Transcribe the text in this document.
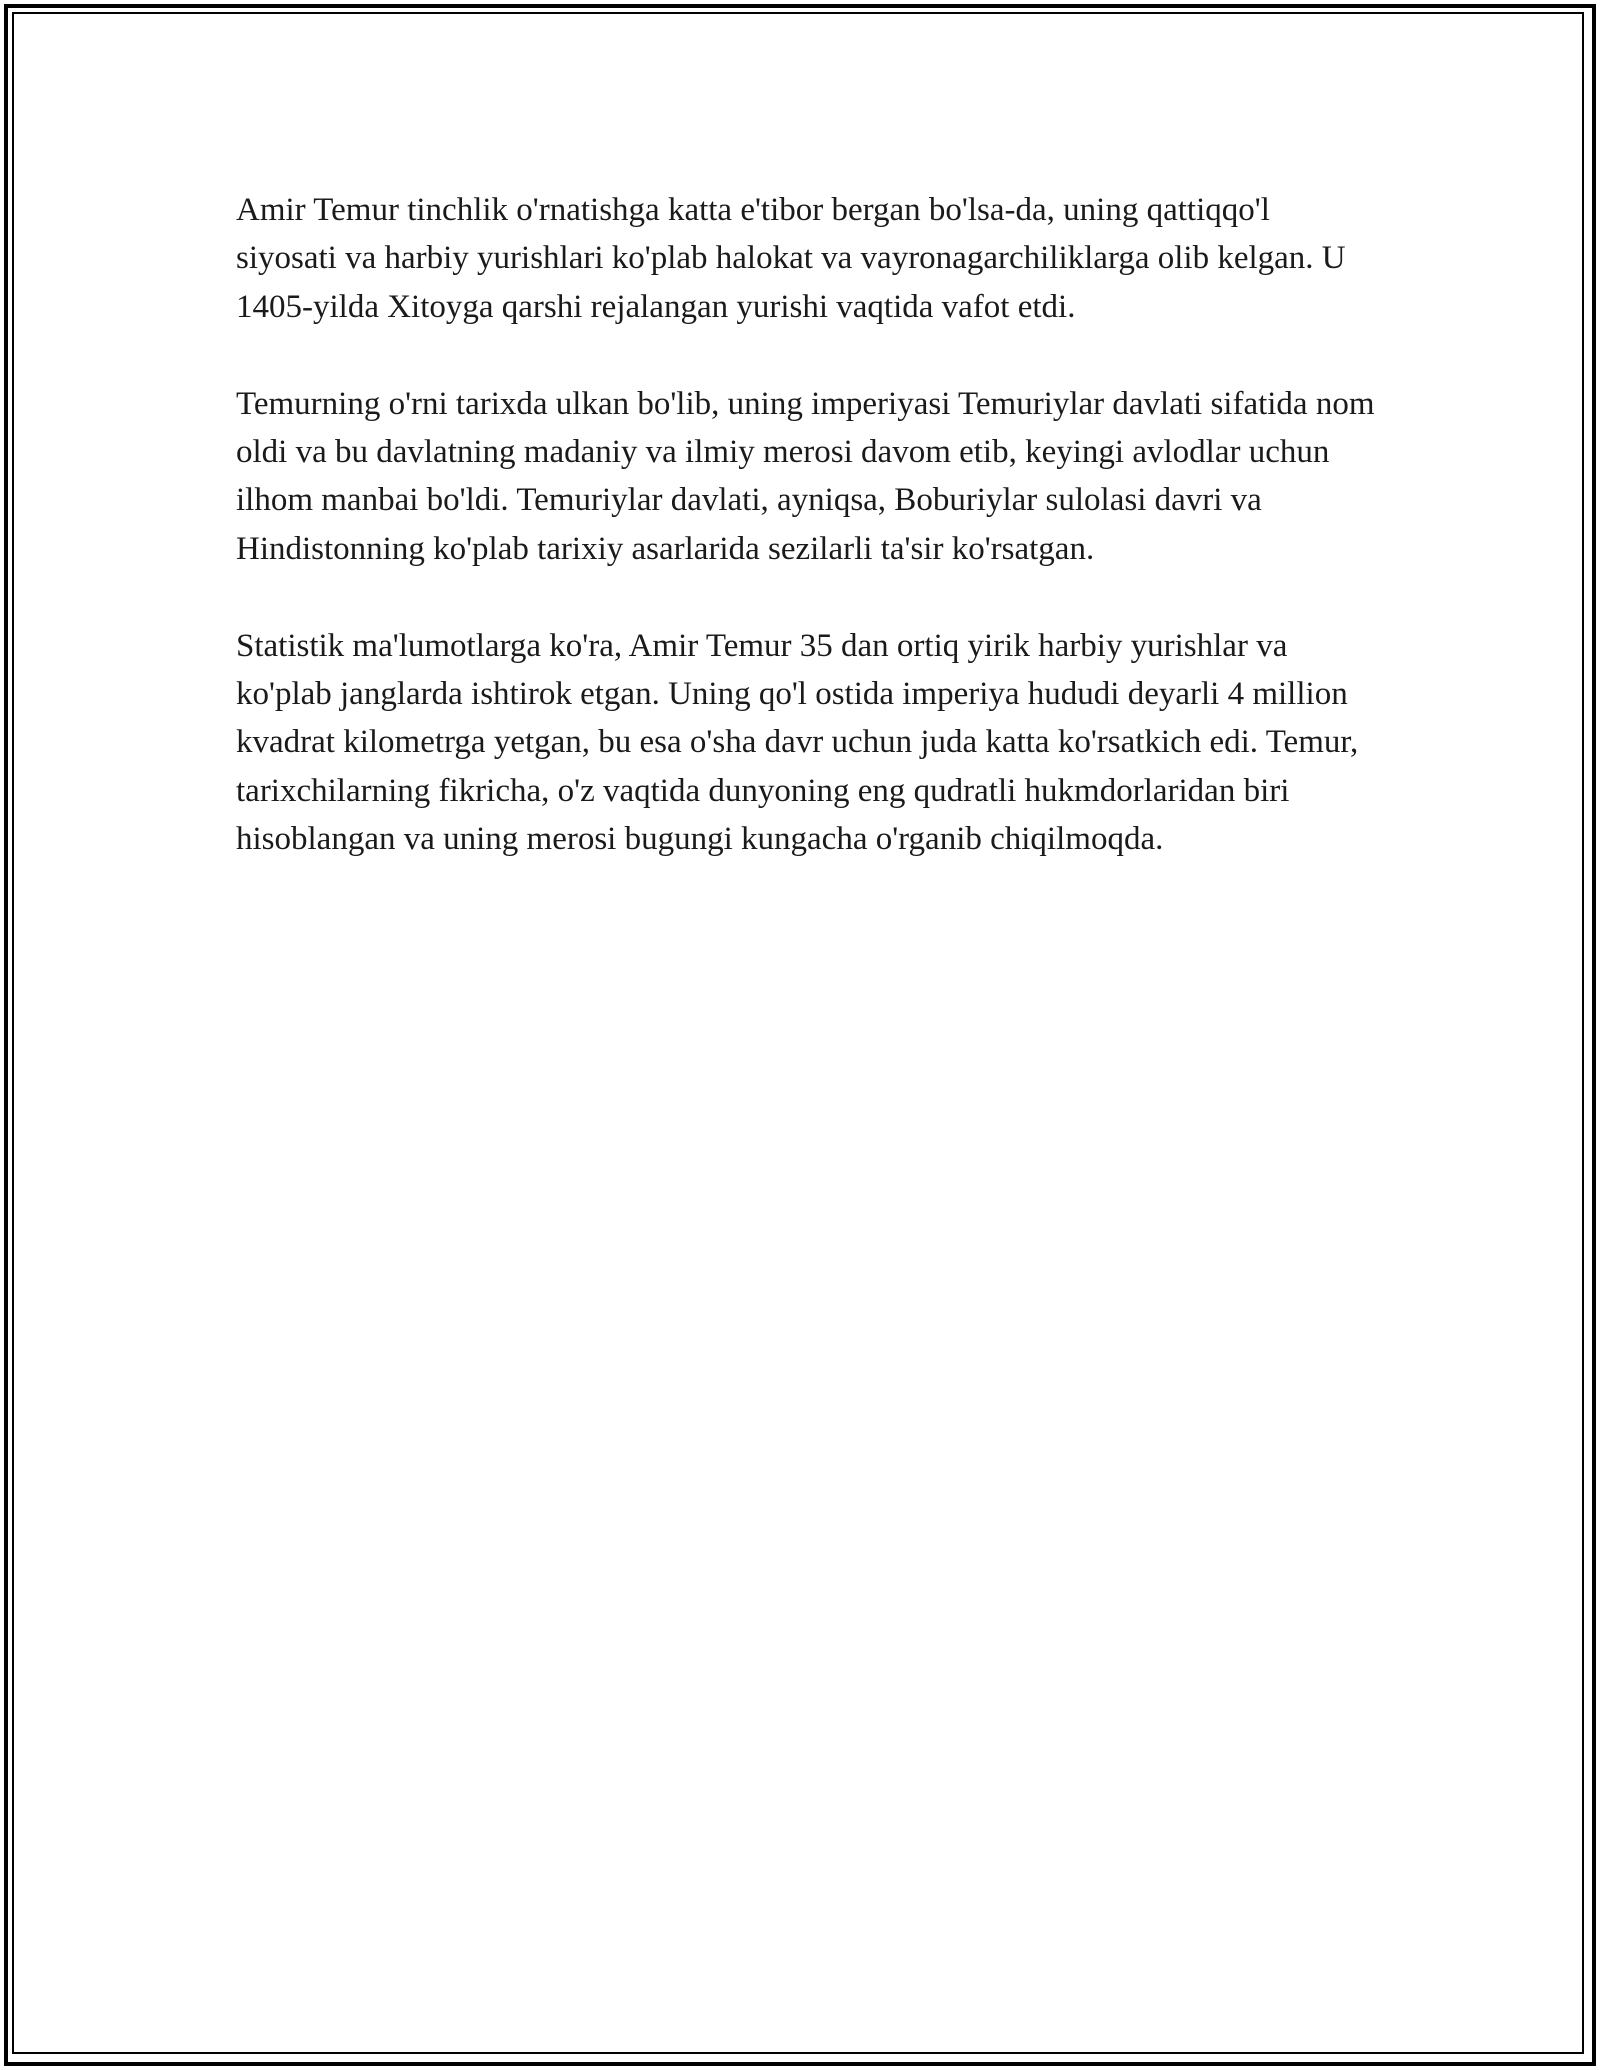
Amir Temur tinchlik o'rnatishga katta e'tibor bergan bo'lsa-da, uning qattiqqo'l siyosati va harbiy yurishlari ko'plab halokat va vayronagarchiliklarga olib kelgan. U 1405-yilda Xitoyga qarshi rejalangan yurishi vaqtida vafot etdi.

Temurning o'rni tarixda ulkan bo'lib, uning imperiyasi Temuriylar davlati sifatida nom oldi va bu davlatning madaniy va ilmiy merosi davom etib, keyingi avlodlar uchun ilhom manbai bo'ldi. Temuriylar davlati, ayniqsa, Boburiylar sulolasi davri va Hindistonning ko'plab tarixiy asarlarida sezilarli ta'sir ko'rsatgan.

Statistik ma'lumotlarga ko'ra, Amir Temur 35 dan ortiq yirik harbiy yurishlar va ko'plab janglarda ishtirok etgan. Uning qo'l ostida imperiya hududi deyarli 4 million kvadrat kilometrga yetgan, bu esa o'sha davr uchun juda katta ko'rsatkich edi. Temur, tarixchilarning fikricha, o'z vaqtida dunyoning eng qudratli hukmdorlaridan biri hisoblangan va uning merosi bugungi kungacha o'rganib chiqilmoqda.
